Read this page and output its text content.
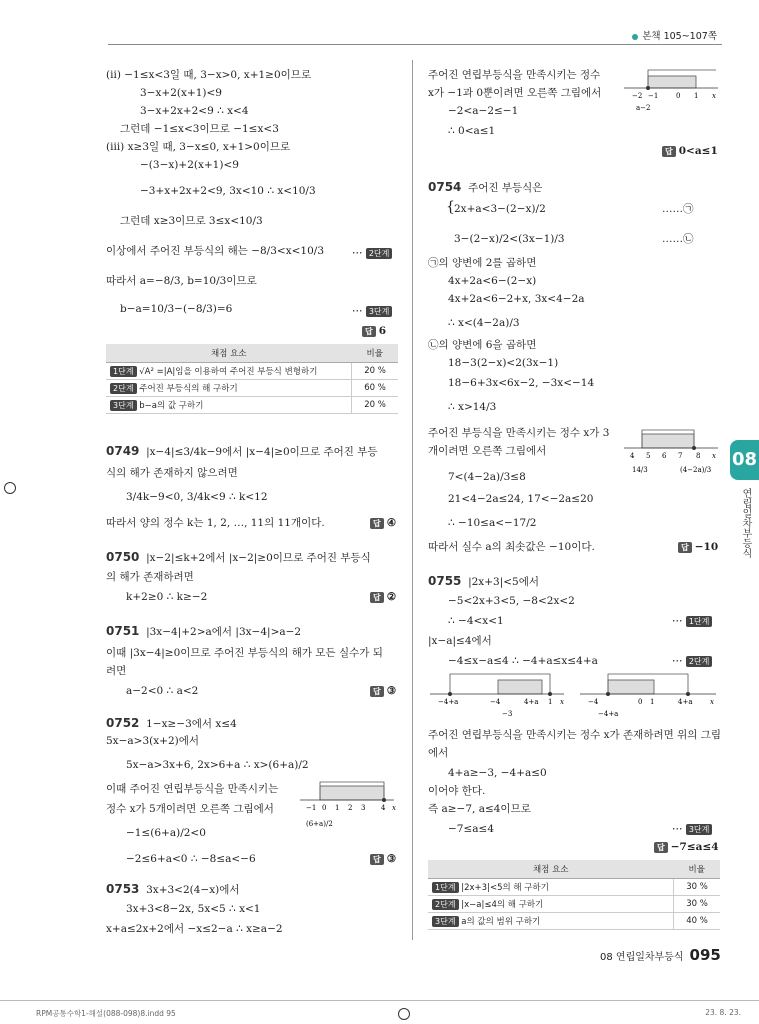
본책 105~107쪽
(ⅱ) −1≤x<3일 때, 3−x>0, x+1≥0이므로
3−x+2(x+1)<9
3−x+2x+2<9 ∴ x<4
그런데 −1≤x<3이므로 −1≤x<3
(ⅲ) x≥3일 때, 3−x≤0, x+1>0이므로
−(3−x)+2(x+1)<9
−3+x+2x+2<9, 3x<10 ∴ x<10/3
그런데 x≥3이므로 3≤x<10/3
이상에서 주어진 부등식의 해는 −8/3<x<10/3
따라서 a=−8/3, b=10/3이므로
b−a=10/3−(−8/3)=6
⋯ 2단계
⋯ 3단계
답 6
채점 요소	비율
1단계 √A² =|A|임을 이용하여 주어진 부등식 변형하기	20 %
2단계 주어진 부등식의 해 구하기	60 %
3단계 b−a의 값 구하기	20 %
0749 |x−4|≤3/4k−9에서 |x−4|≥0이므로 주어진 부등
식의 해가 존재하지 않으려면
3/4k−9<0, 3/4k<9 ∴ k<12
따라서 양의 정수 k는 1, 2, …, 11의 11개이다.	답 ④
0750 |x−2|≤k+2에서 |x−2|≥0이므로 주어진 부등식
의 해가 존재하려면
k+2≥0 ∴ k≥−2	답 ②
0751 |3x−4|+2>a에서 |3x−4|>a−2
이때 |3x−4|≥0이므로 주어진 부등식의 해가 모든 실수가 되
려면
a−2<0 ∴ a<2	답 ③
0752 1−x≥−3에서 x≤4
5x−a>3(x+2)에서
5x−a>3x+6, 2x>6+a ∴ x>(6+a)/2
이때 주어진 연립부등식을 만족시키는
정수 x가 5개이려면 오른쪽 그림에서
−1≤(6+a)/2<0
−2≤6+a<0 ∴ −8≤a<−6	답 ③
−1 0 1 2 3 4 x
(6+a)/2
0753 3x+3<2(4−x)에서
3x+3<8−2x, 5x<5 ∴ x<1
x+a≤2x+2에서 −x≤2−a ∴ x≥a−2
주어진 연립부등식을 만족시키는 정수
x가 −1과 0뿐이려면 오른쪽 그림에서
−2<a−2≤−1
∴ 0<a≤1
답 0<a≤1
−2 −1	0 1 x
a−2
0754 주어진 부등식은
{ 2x+a<3−(2−x)/2	……㉠
3−(2−x)/2<(3x−1)/3	……㉡
㉠의 양변에 2를 곱하면
4x+2a<6−(2−x)
4x+2a<6−2+x, 3x<4−2a
∴ x<(4−2a)/3
㉡의 양변에 6을 곱하면
18−3(2−x)<2(3x−1)
18−6+3x<6x−2, −3x<−14
∴ x>14/3
주어진 부등식을 만족시키는 정수 x가 3
개이려면 오른쪽 그림에서
7<(4−2a)/3≤8
21<4−2a≤24, 17<−2a≤20
∴ −10≤a<−17/2
따라서 실수 a의 최솟값은 −10이다.	답 −10
4 5 6 7 8 x
14/3	(4−2a)/3
0755 |2x+3|<5에서
−5<2x+3<5, −8<2x<2
∴ −4<x<1	⋯ 1단계
|x−a|≤4에서
−4≤x−a≤4 ∴ −4+a≤x≤4+a	⋯ 2단계
−4+a	−4	4+a 1 x
−3
−4	0 1	4+a	x
−4+a
주어진 연립부등식을 만족시키는 정수 x가 존재하려면 위의 그림
에서
4+a≥−3, −4+a≤0
이어야 한다.
즉 a≥−7, a≤4이므로
−7≤a≤4	⋯ 3단계
답 −7≤a≤4
채점 요소	비율
1단계 |2x+3|<5의 해 구하기	30 %
2단계 |x−a|≤4의 해 구하기	30 %
3단계 a의 값의 범위 구하기	40 %
08
연립일차부등식
08 연립일차부등식 095
RPM공통수학1-해설(088-098)8.indd 95	23. 8. 23.
